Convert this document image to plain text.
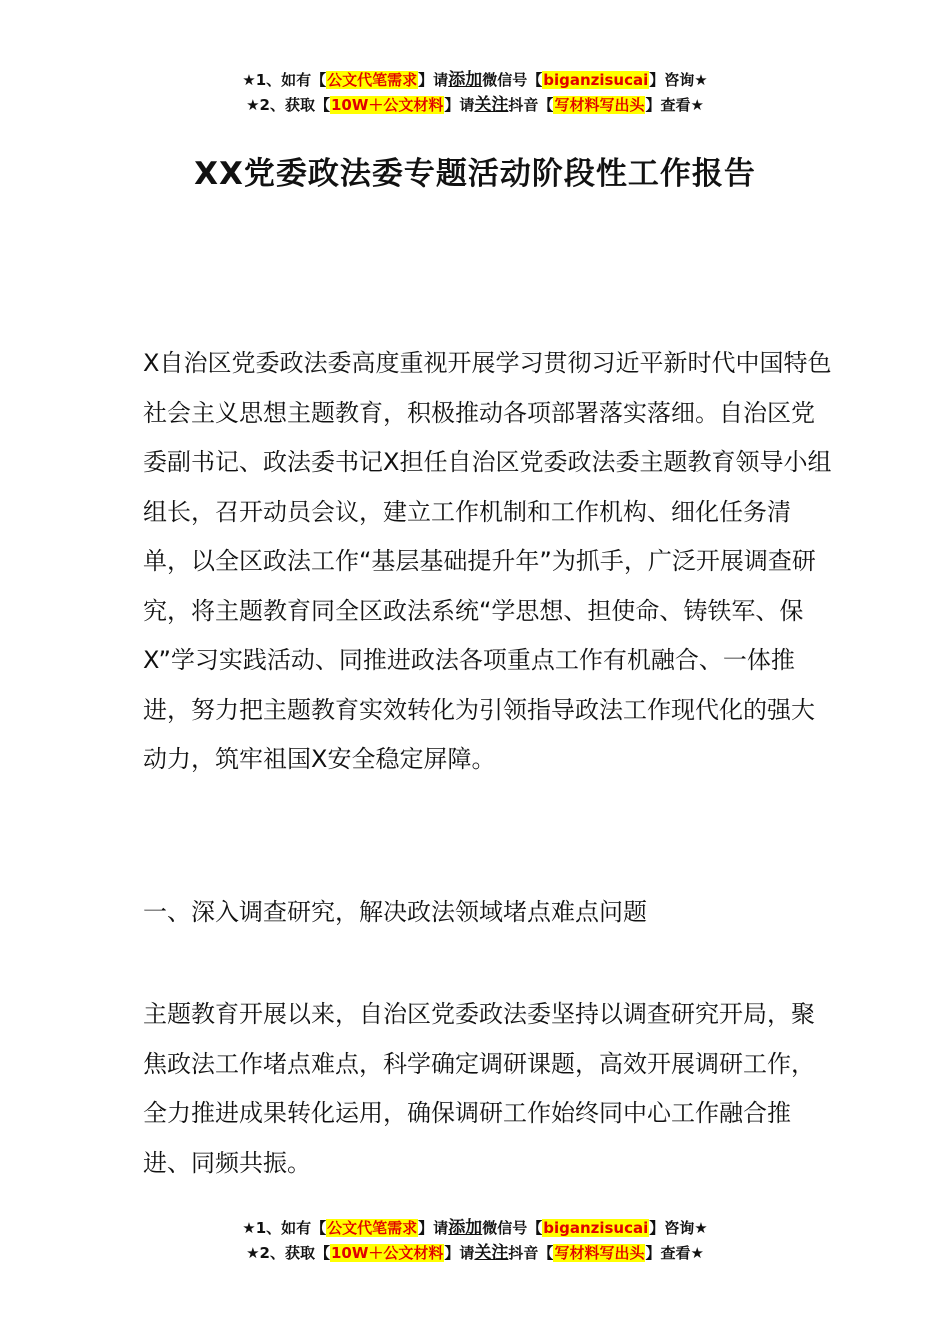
★1、如有【公文代笔需求】请添加微信号【biganzisucai】咨询★
★2、获取【10W＋公文材料】请关注抖音【写材料写出头】查看★
XX党委政法委专题活动阶段性工作报告

X自治区党委政法委高度重视开展学习贯彻习近平新时代中国特色社会主义思想主题教育，积极推动各项部署落实落细。自治区党委副书记、政法委书记X担任自治区党委政法委主题教育领导小组组长，召开动员会议，建立工作机制和工作机构、细化任务清单，以全区政法工作“基层基础提升年”为抓手，广泛开展调查研究，将主题教育同全区政法系统“学思想、担使命、铸铁军、保X”学习实践活动、同推进政法各项重点工作有机融合、一体推进，努力把主题教育实效转化为引领指导政法工作现代化的强大动力，筑牢祖国X安全稳定屏障。

一、深入调查研究，解决政法领域堵点难点问题

主题教育开展以来，自治区党委政法委坚持以调查研究开局，聚焦政法工作堵点难点，科学确定调研课题，高效开展调研工作，全力推进成果转化运用，确保调研工作始终同中心工作融合推进、同频共振。

★1、如有【公文代笔需求】请添加微信号【biganzisucai】咨询★
★2、获取【10W＋公文材料】请关注抖音【写材料写出头】查看★
